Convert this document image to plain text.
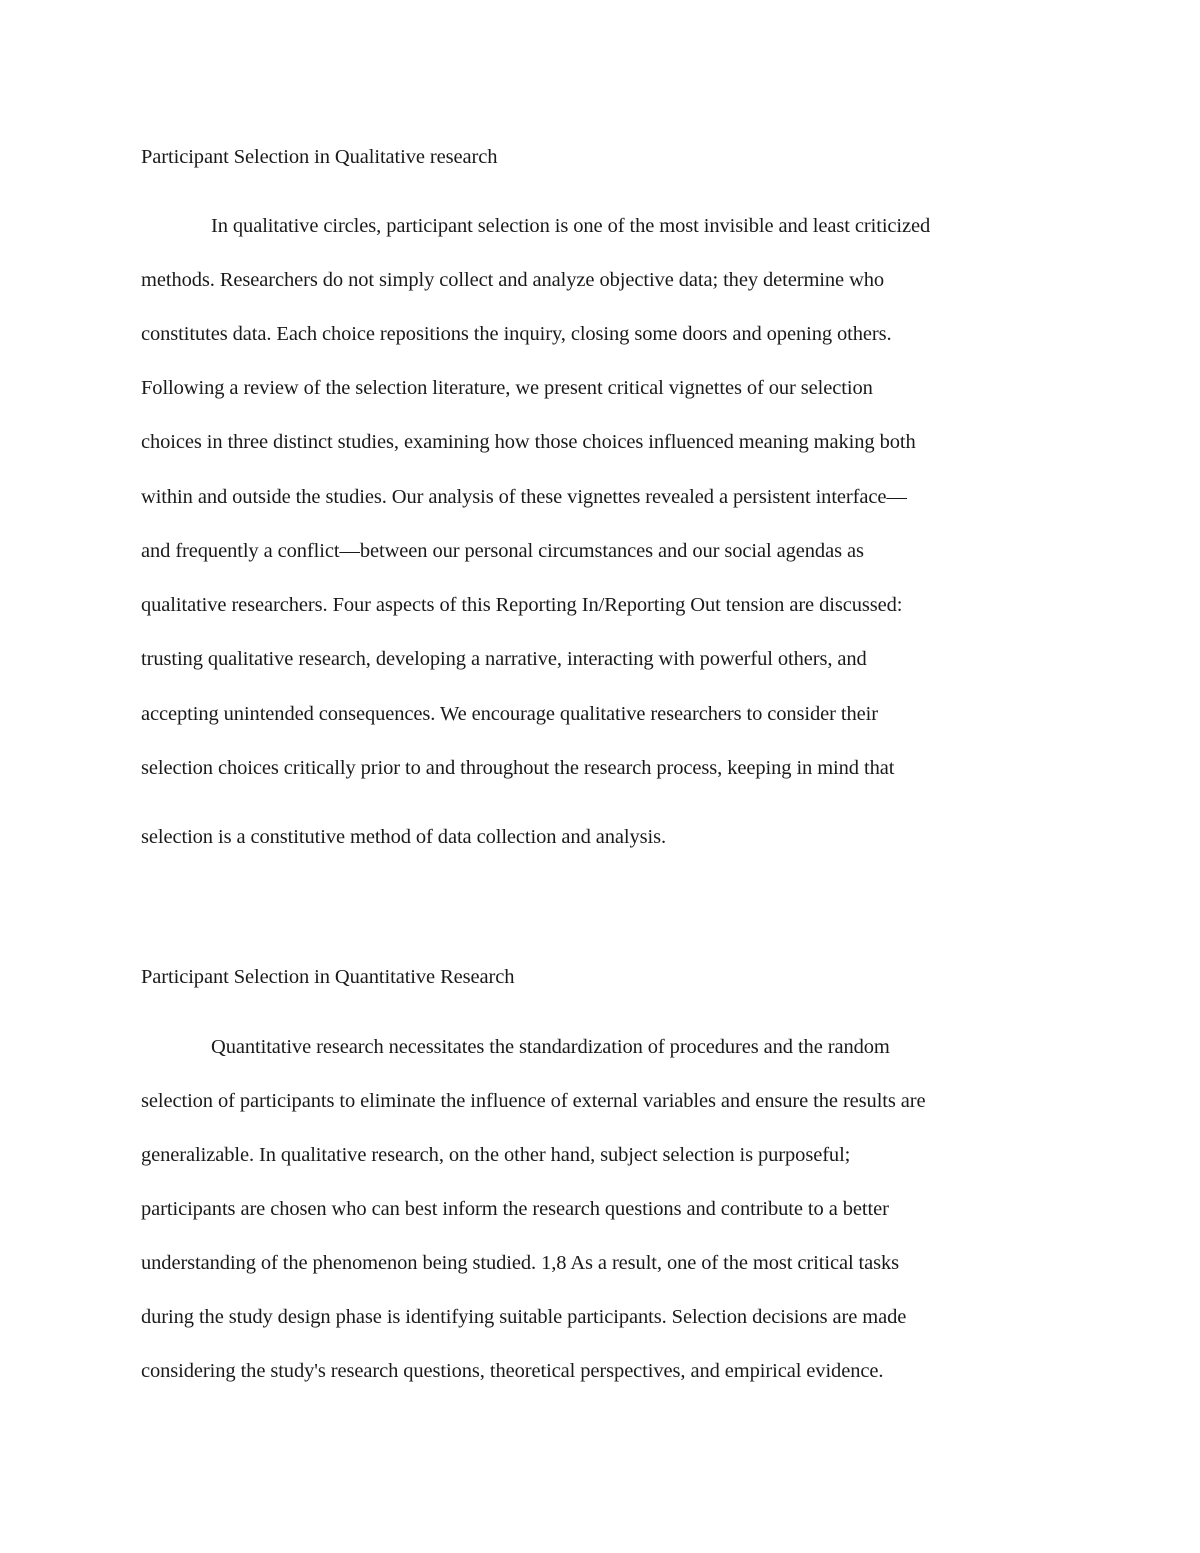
Participant Selection in Qualitative research
In qualitative circles, participant selection is one of the most invisible and least criticized
methods. Researchers do not simply collect and analyze objective data; they determine who
constitutes data. Each choice repositions the inquiry, closing some doors and opening others.
Following a review of the selection literature, we present critical vignettes of our selection
choices in three distinct studies, examining how those choices influenced meaning making both
within and outside the studies. Our analysis of these vignettes revealed a persistent interface—
and frequently a conflict—between our personal circumstances and our social agendas as
qualitative researchers. Four aspects of this Reporting In/Reporting Out tension are discussed:
trusting qualitative research, developing a narrative, interacting with powerful others, and
accepting unintended consequences. We encourage qualitative researchers to consider their
selection choices critically prior to and throughout the research process, keeping in mind that
selection is a constitutive method of data collection and analysis.
Participant Selection in Quantitative Research
Quantitative research necessitates the standardization of procedures and the random
selection of participants to eliminate the influence of external variables and ensure the results are
generalizable. In qualitative research, on the other hand, subject selection is purposeful;
participants are chosen who can best inform the research questions and contribute to a better
understanding of the phenomenon being studied. 1,8 As a result, one of the most critical tasks
during the study design phase is identifying suitable participants. Selection decisions are made
considering the study's research questions, theoretical perspectives, and empirical evidence.
